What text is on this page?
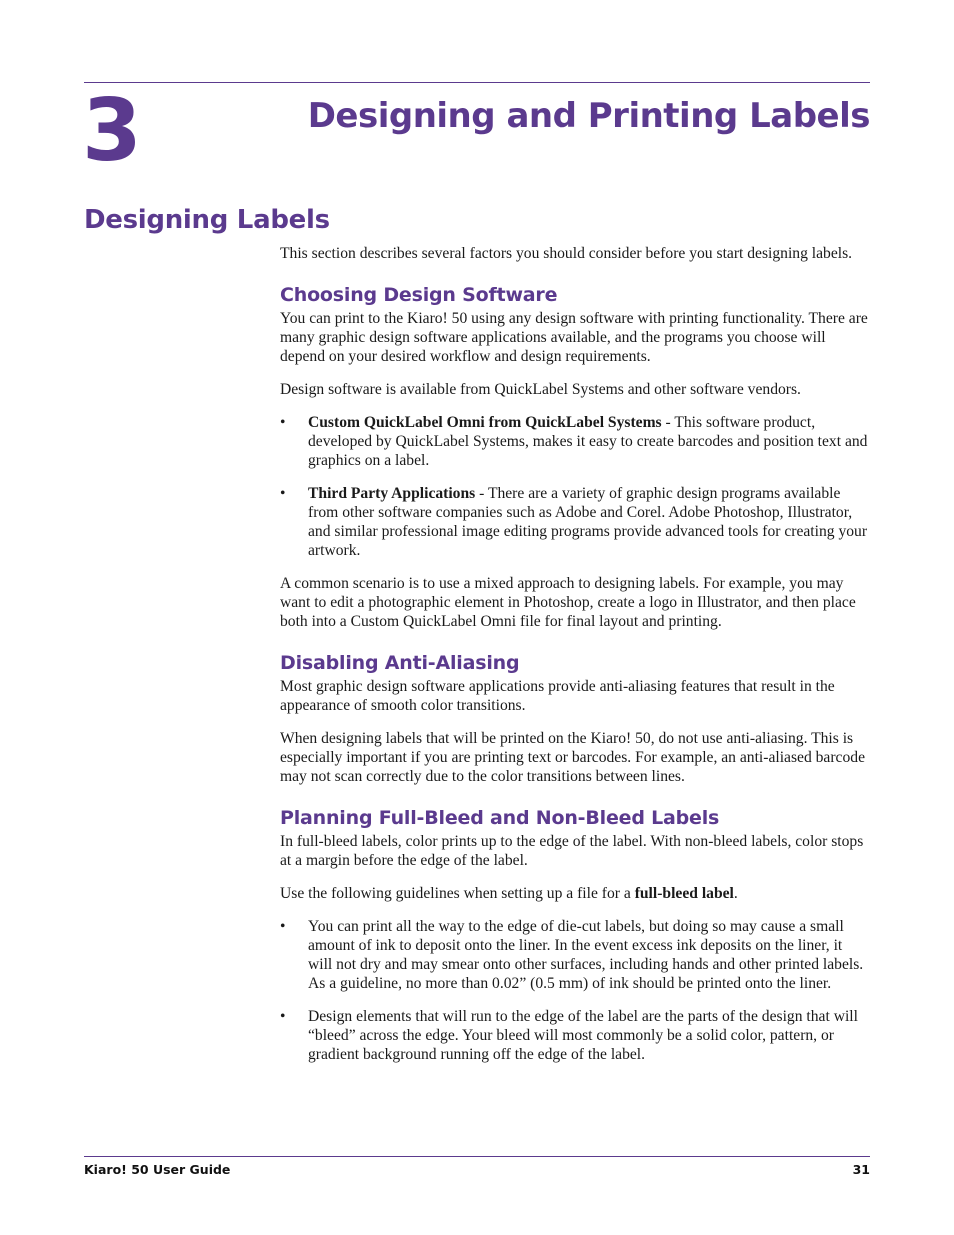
3	Designing and Printing Labels
Designing Labels

This section describes several factors you should consider before you start designing labels.

Choosing Design Software

You can print to the Kiaro! 50 using any design software with printing functionality. There are many graphic design software applications available, and the programs you choose will depend on your desired workflow and design requirements.

Design software is available from QuickLabel Systems and other software vendors.

• Custom QuickLabel Omni from QuickLabel Systems - This software product, developed by QuickLabel Systems, makes it easy to create barcodes and position text and graphics on a label.
• Third Party Applications - There are a variety of graphic design programs available from other software companies such as Adobe and Corel. Adobe Photoshop, Illustrator, and similar professional image editing programs provide advanced tools for creating your artwork.

A common scenario is to use a mixed approach to designing labels. For example, you may want to edit a photographic element in Photoshop, create a logo in Illustrator, and then place both into a Custom QuickLabel Omni file for final layout and printing.

Disabling Anti-Aliasing

Most graphic design software applications provide anti-aliasing features that result in the appearance of smooth color transitions.

When designing labels that will be printed on the Kiaro! 50, do not use anti-aliasing. This is especially important if you are printing text or barcodes. For example, an anti-aliased barcode may not scan correctly due to the color transitions between lines.

Planning Full-Bleed and Non-Bleed Labels

In full-bleed labels, color prints up to the edge of the label. With non-bleed labels, color stops at a margin before the edge of the label.

Use the following guidelines when setting up a file for a full-bleed label.

• You can print all the way to the edge of die-cut labels, but doing so may cause a small amount of ink to deposit onto the liner. In the event excess ink deposits on the liner, it will not dry and may smear onto other surfaces, including hands and other printed labels. As a guideline, no more than 0.02” (0.5 mm) of ink should be printed onto the liner.
• Design elements that will run to the edge of the label are the parts of the design that will “bleed” across the edge. Your bleed will most commonly be a solid color, pattern, or gradient background running off the edge of the label.
Kiaro! 50 User Guide	31
